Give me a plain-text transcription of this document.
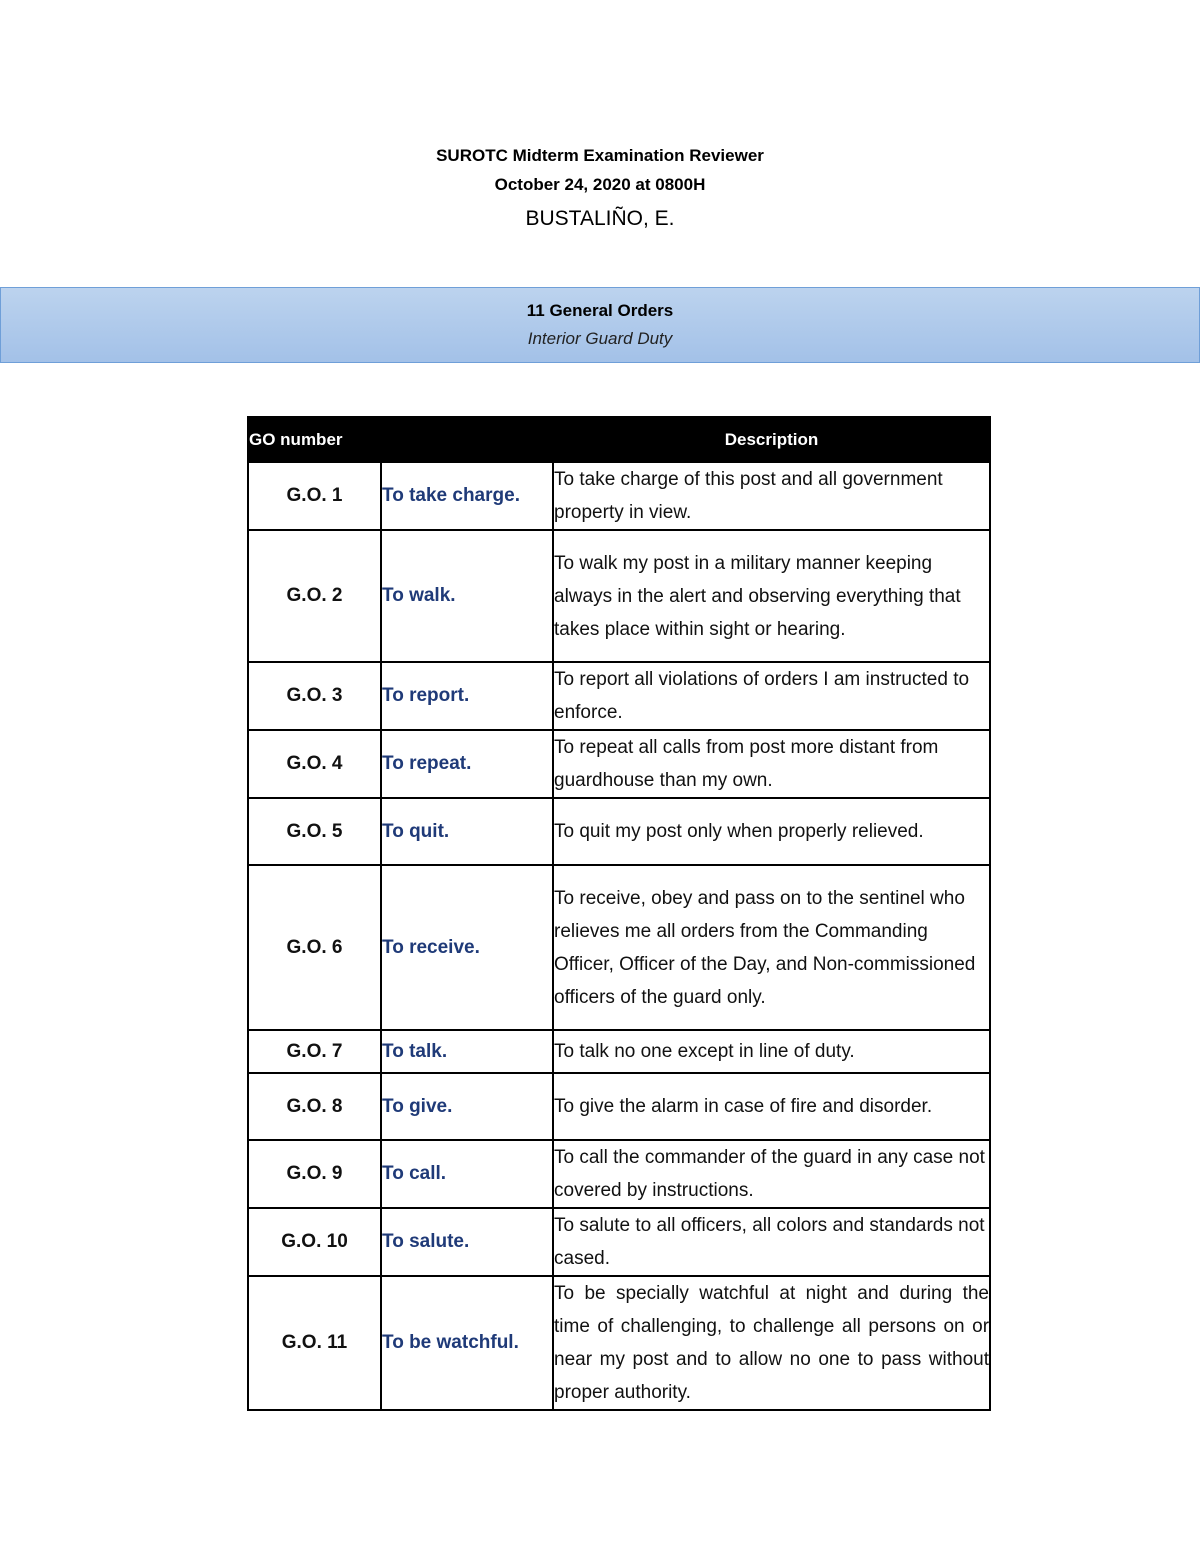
SUROTC Midterm Examination Reviewer
October 24, 2020 at 0800H
BUSTALIÑO, E.
11 General Orders
Interior Guard Duty
GO number		Description
G.O. 1	To take charge.	To take charge of this post and all government property in view.
G.O. 2	To walk.	To walk my post in a military manner keeping always in the alert and observing everything that takes place within sight or hearing.
G.O. 3	To report.	To report all violations of orders I am instructed to enforce.
G.O. 4	To repeat.	To repeat all calls from post more distant from guardhouse than my own.
G.O. 5	To quit.	To quit my post only when properly relieved.
G.O. 6	To receive.	To receive, obey and pass on to the sentinel who relieves me all orders from the Commanding Officer, Officer of the Day, and Non-commissioned officers of the guard only.
G.O. 7	To talk.	To talk no one except in line of duty.
G.O. 8	To give.	To give the alarm in case of fire and disorder.
G.O. 9	To call.	To call the commander of the guard in any case not covered by instructions.
G.O. 10	To salute.	To salute to all officers, all colors and standards not cased.
G.O. 11	To be watchful.	To be specially watchful at night and during the time of challenging, to challenge all persons on or near my post and to allow no one to pass without proper authority.
